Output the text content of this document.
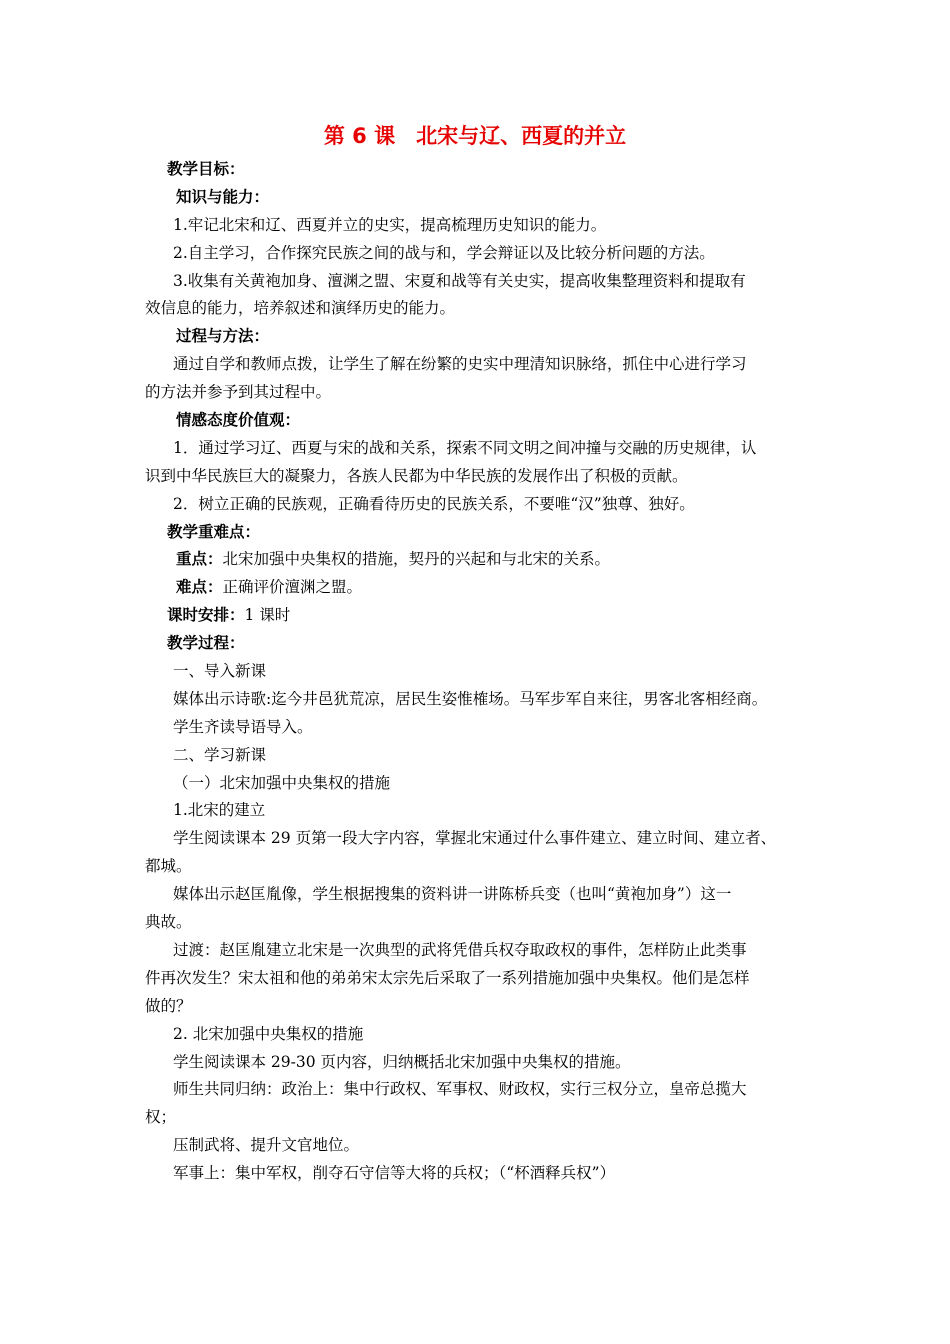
第 6 课　北宋与辽、西夏的并立

教学目标：

知识与能力：

1.牢记北宋和辽、西夏并立的史实，提高梳理历史知识的能力。

2.自主学习，合作探究民族之间的战与和，学会辩证以及比较分析问题的方法。

3.收集有关黄袍加身、澶渊之盟、宋夏和战等有关史实，提高收集整理资料和提取有

效信息的能力，培养叙述和演绎历史的能力。

过程与方法：

通过自学和教师点拨，让学生了解在纷繁的史实中理清知识脉络，抓住中心进行学习

的方法并参予到其过程中。

情感态度价值观：

1．通过学习辽、西夏与宋的战和关系，探索不同文明之间冲撞与交融的历史规律，认

识到中华民族巨大的凝聚力，各族人民都为中华民族的发展作出了积极的贡献。

2．树立正确的民族观，正确看待历史的民族关系，不要唯“汉”独尊、独好。

教学重难点：

重点：北宋加强中央集权的措施，契丹的兴起和与北宋的关系。

难点：正确评价澶渊之盟。

课时安排：1 课时

教学过程：

一、导入新课

媒体出示诗歌:迄今井邑犹荒凉，居民生姿惟榷场。马军步军自来往，男客北客相经商。

学生齐读导语导入。

二、学习新课

（一）北宋加强中央集权的措施

1.北宋的建立

学生阅读课本 29 页第一段大字内容，掌握北宋通过什么事件建立、建立时间、建立者、

都城。

媒体出示赵匡胤像，学生根据搜集的资料讲一讲陈桥兵变（也叫“黄袍加身”）这一

典故。

过渡：赵匡胤建立北宋是一次典型的武将凭借兵权夺取政权的事件，怎样防止此类事

件再次发生？宋太祖和他的弟弟宋太宗先后采取了一系列措施加强中央集权。他们是怎样

做的？

2. 北宋加强中央集权的措施

学生阅读课本 29-30 页内容，归纳概括北宋加强中央集权的措施。

师生共同归纳：政治上：集中行政权、军事权、财政权，实行三权分立，皇帝总揽大

权；

压制武将、提升文官地位。

军事上：集中军权，削夺石守信等大将的兵权；（“杯酒释兵权”）
